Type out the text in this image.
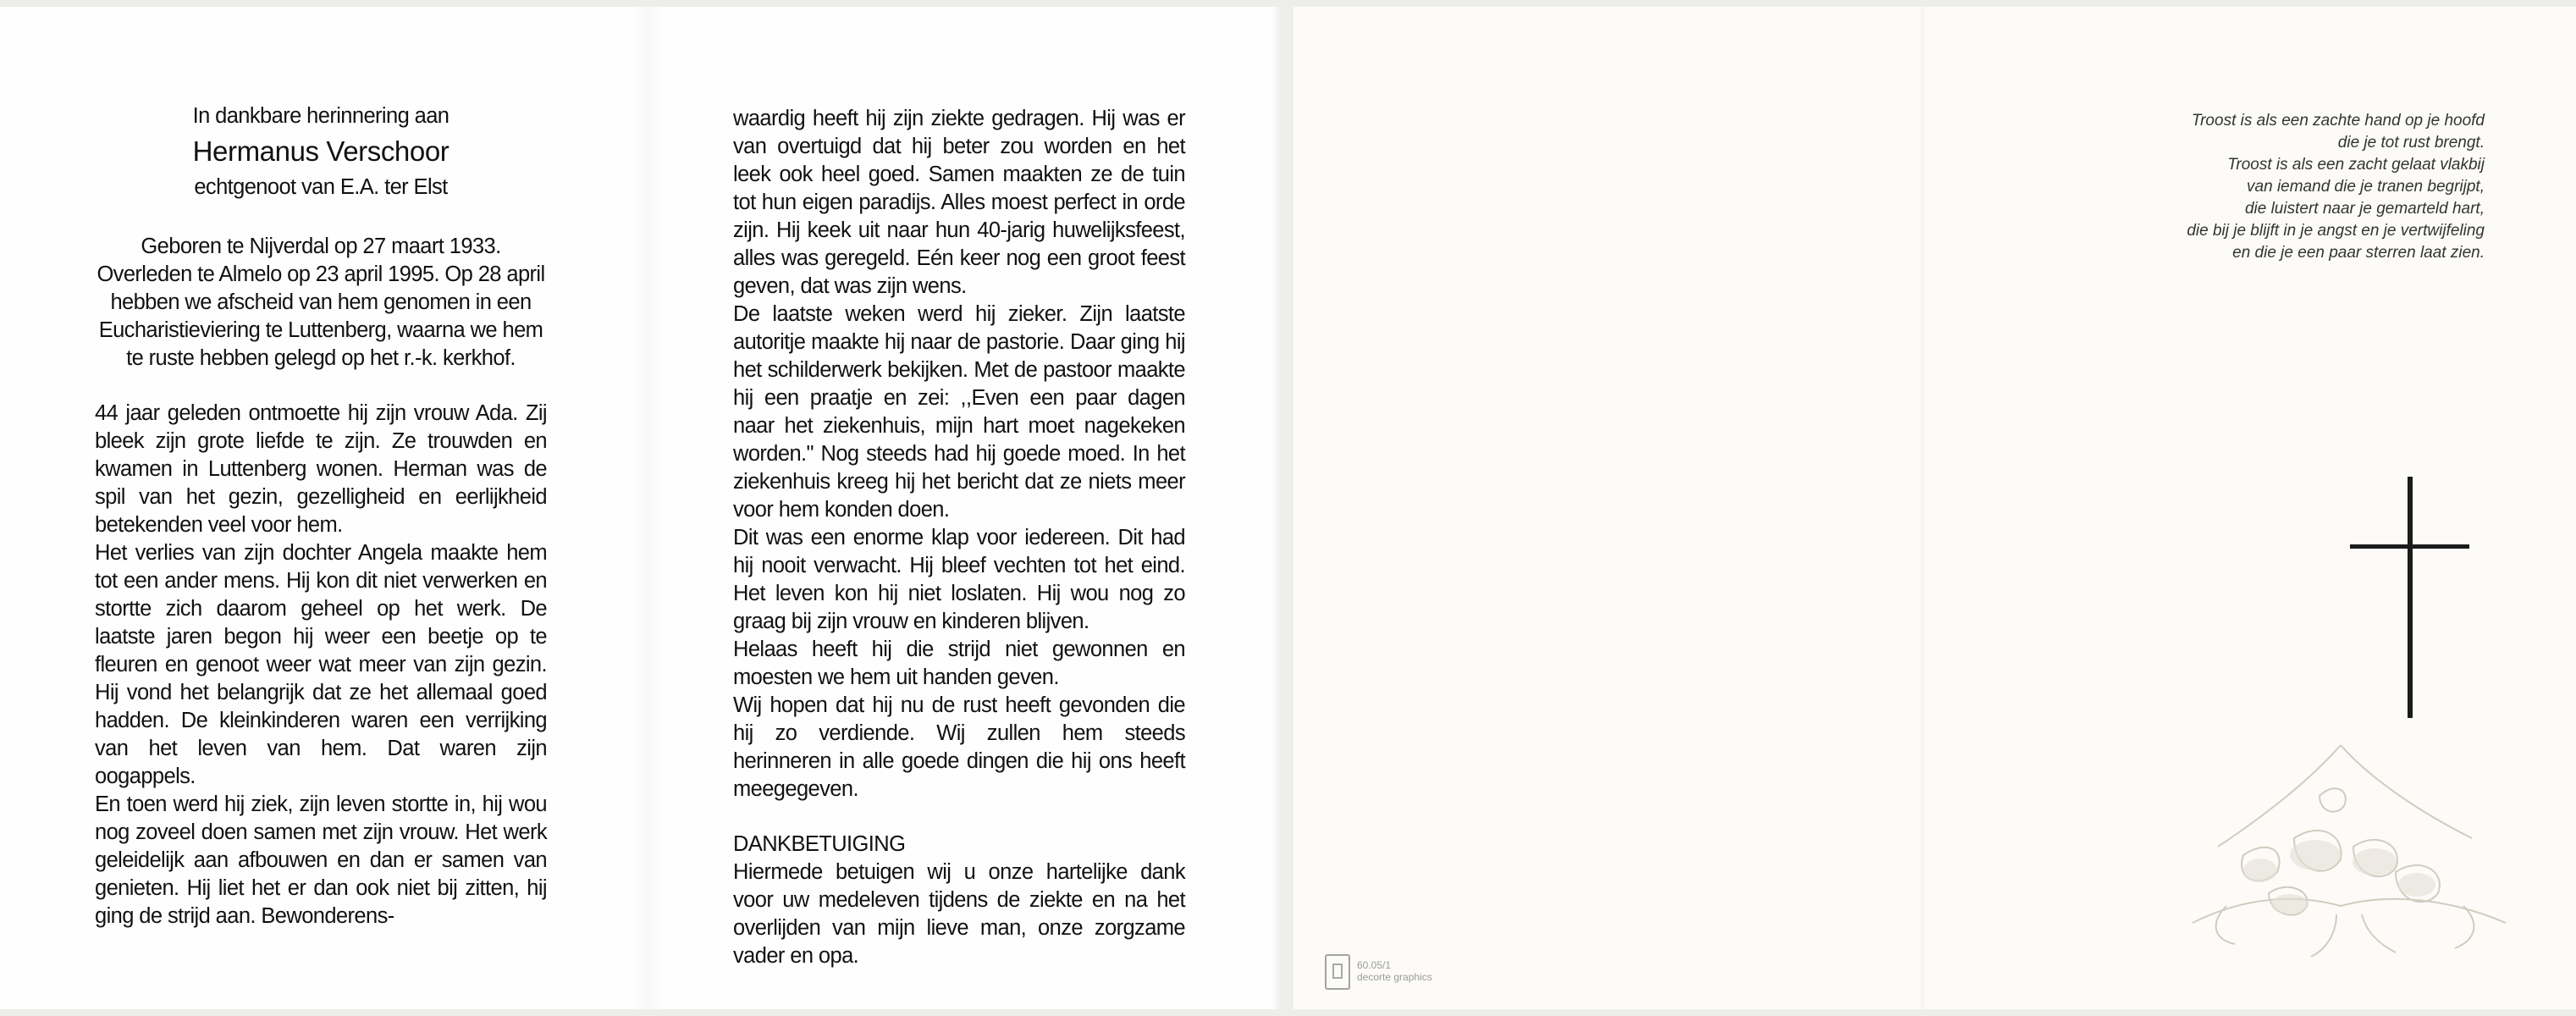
In dankbare herinnering aan
Hermanus Verschoor
echtgenoot van E.A. ter Elst

Geboren te Nijverdal op 27 maart 1933. Overleden te Almelo op 23 april 1995. Op 28 april hebben we afscheid van hem genomen in een Eucharistieviering te Luttenberg, waarna we hem te ruste hebben gelegd op het r.-k. kerkhof.

44 jaar geleden ontmoette hij zijn vrouw Ada. Zij bleek zijn grote liefde te zijn. Ze trouwden en kwamen in Luttenberg wonen. Herman was de spil van het gezin, gezelligheid en eerlijkheid betekenden veel voor hem.

Het verlies van zijn dochter Angela maakte hem tot een ander mens. Hij kon dit niet verwerken en stortte zich daarom geheel op het werk. De laatste jaren begon hij weer een beetje op te fleuren en genoot weer wat meer van zijn gezin. Hij vond het belangrijk dat ze het allemaal goed hadden. De kleinkinderen waren een verrijking van het leven van hem. Dat waren zijn oogappels.

En toen werd hij ziek, zijn leven stortte in, hij wou nog zoveel doen samen met zijn vrouw. Het werk geleidelijk aan afbouwen en dan er samen van genieten. Hij liet het er dan ook niet bij zitten, hij ging de strijd aan. Bewonderens-

waardig heeft hij zijn ziekte gedragen. Hij was er van overtuigd dat hij beter zou worden en het leek ook heel goed. Samen maakten ze de tuin tot hun eigen paradijs. Alles moest perfect in orde zijn. Hij keek uit naar hun 40-jarig huwelijksfeest, alles was geregeld. Eén keer nog een groot feest geven, dat was zijn wens.

De laatste weken werd hij zieker. Zijn laatste autoritje maakte hij naar de pastorie. Daar ging hij het schilderwerk bekijken. Met de pastoor maakte hij een praatje en zei: ,,Even een paar dagen naar het ziekenhuis, mijn hart moet nagekeken worden." Nog steeds had hij goede moed. In het ziekenhuis kreeg hij het bericht dat ze niets meer voor hem konden doen.

Dit was een enorme klap voor iedereen. Dit had hij nooit verwacht. Hij bleef vechten tot het eind. Het leven kon hij niet loslaten. Hij wou nog zo graag bij zijn vrouw en kinderen blijven.

Helaas heeft hij die strijd niet gewonnen en moesten we hem uit handen geven.

Wij hopen dat hij nu de rust heeft gevonden die hij zo verdiende. Wij zullen hem steeds herinneren in alle goede dingen die hij ons heeft meegegeven.

DANKBETUIGING

Hiermede betuigen wij u onze hartelijke dank voor uw medeleven tijdens de ziekte en na het overlijden van mijn lieve man, onze zorgzame vader en opa.

Troost is als een zachte hand op je hoofd
die je tot rust brengt.
Troost is als een zacht gelaat vlakbij
van iemand die je tranen begrijpt,
die luistert naar je gemarteld hart,
die bij je blijft in je angst en je vertwijfeling
en die je een paar sterren laat zien.
60.05/1
decorte graphics
